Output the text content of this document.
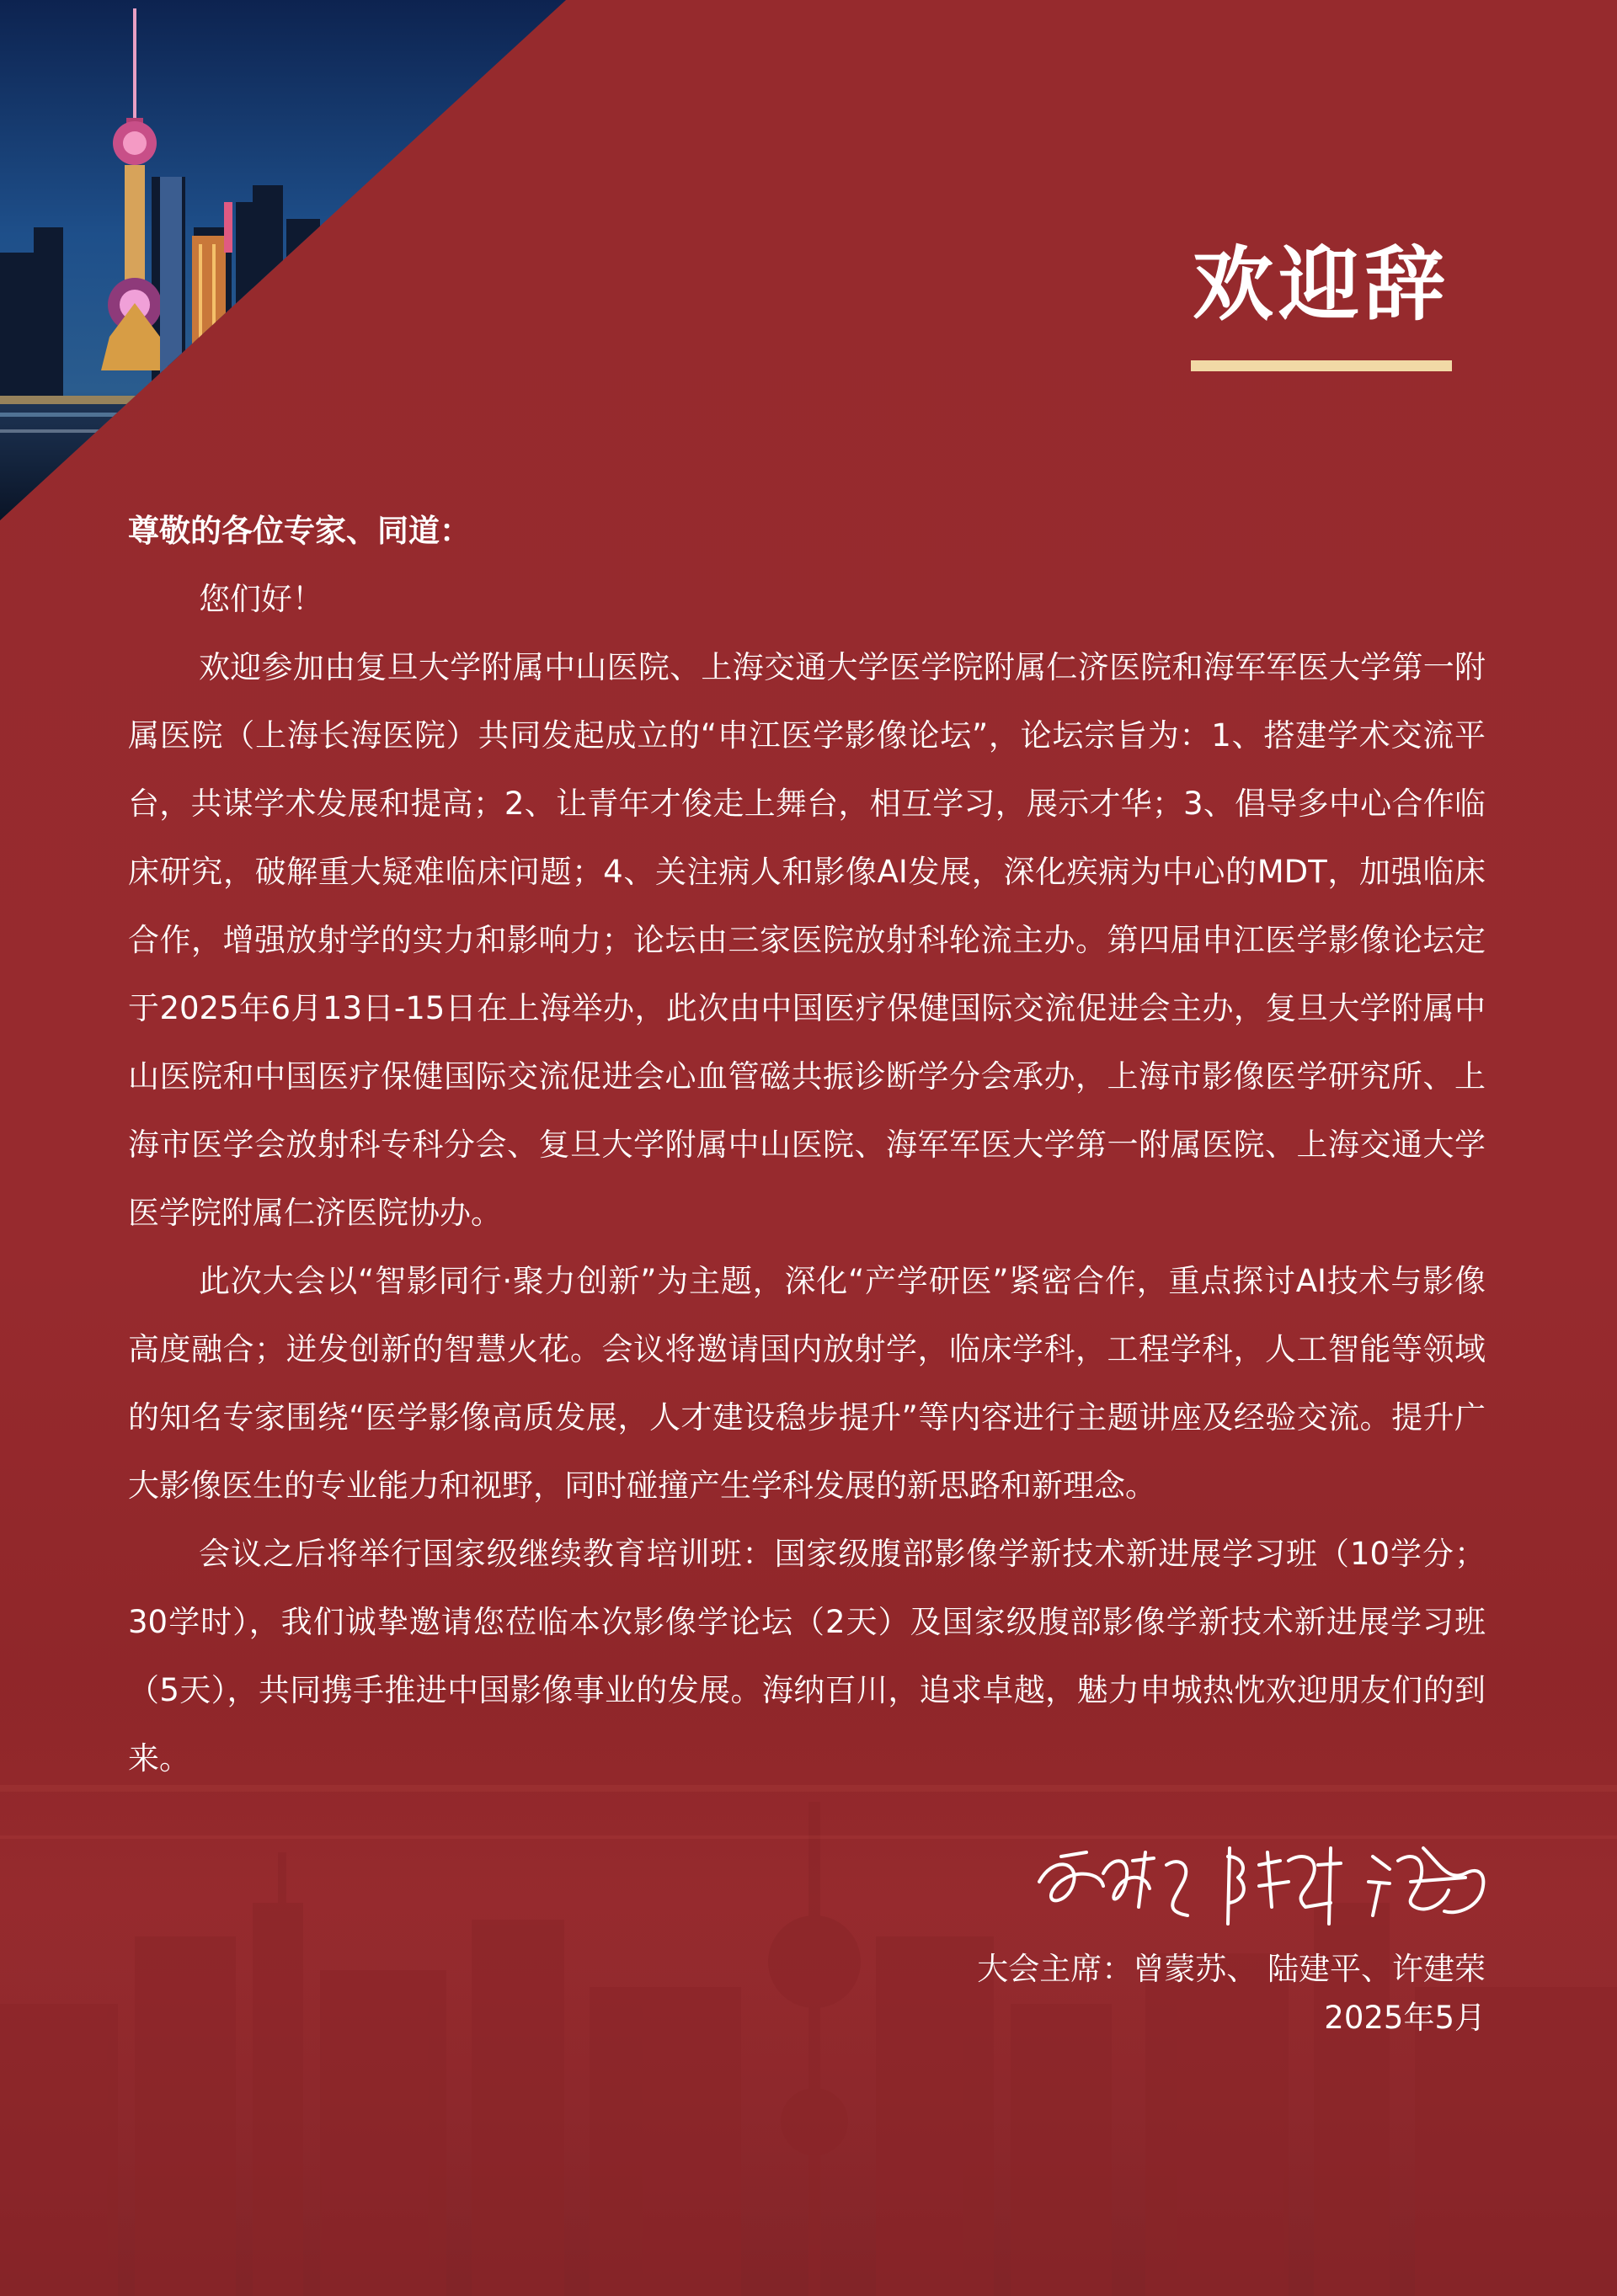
欢迎辞

尊敬的各位专家、同道：

您们好！

欢迎参加由复旦大学附属中山医院、上海交通大学医学院附属仁济医院和海军军医大学第一附属医院（上海长海医院）共同发起成立的“申江医学影像论坛”，论坛宗旨为：1、搭建学术交流平台，共谋学术发展和提高；2、让青年才俊走上舞台，相互学习，展示才华；3、倡导多中心合作临床研究，破解重大疑难临床问题；4、关注病人和影像AI发展，深化疾病为中心的MDT，加强临床合作，增强放射学的实力和影响力；论坛由三家医院放射科轮流主办。第四届申江医学影像论坛定于2025年6月13日-15日在上海举办，此次由中国医疗保健国际交流促进会主办，复旦大学附属中山医院和中国医疗保健国际交流促进会心血管磁共振诊断学分会承办，上海市影像医学研究所、上海市医学会放射科专科分会、复旦大学附属中山医院、海军军医大学第一附属医院、上海交通大学医学院附属仁济医院协办。

此次大会以“智影同行·聚力创新”为主题，深化“产学研医”紧密合作，重点探讨AI技术与影像高度融合；迸发创新的智慧火花。会议将邀请国内放射学，临床学科，工程学科，人工智能等领域的知名专家围绕“医学影像高质发展，人才建设稳步提升”等内容进行主题讲座及经验交流。提升广大影像医生的专业能力和视野，同时碰撞产生学科发展的新思路和新理念。

会议之后将举行国家级继续教育培训班：国家级腹部影像学新技术新进展学习班（10学分；30学时），我们诚挚邀请您莅临本次影像学论坛（2天）及国家级腹部影像学新技术新进展学习班（5天），共同携手推进中国影像事业的发展。海纳百川，追求卓越，魅力申城热忱欢迎朋友们的到来。

大会主席：曾蒙苏、 陆建平、许建荣
2025年5月
